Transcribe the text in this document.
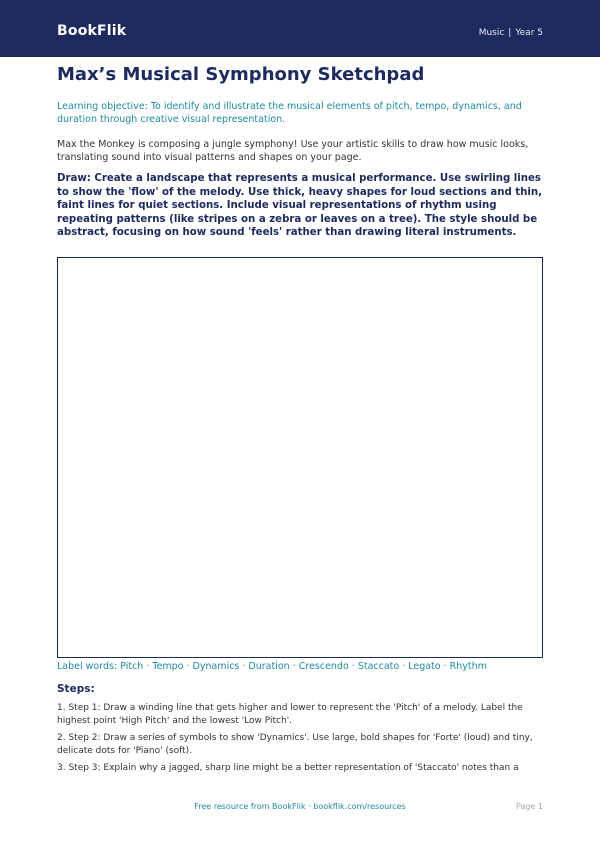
BookFlik	Music | Year 5
Max’s Musical Symphony Sketchpad

Learning objective: To identify and illustrate the musical elements of pitch, tempo, dynamics, and duration through creative visual representation.

Max the Monkey is composing a jungle symphony! Use your artistic skills to draw how music looks, translating sound into visual patterns and shapes on your page.

Draw: Create a landscape that represents a musical performance. Use swirling lines to show the 'flow' of the melody. Use thick, heavy shapes for loud sections and thin, faint lines for quiet sections. Include visual representations of rhythm using repeating patterns (like stripes on a zebra or leaves on a tree). The style should be abstract, focusing on how sound 'feels' rather than drawing literal instruments.

Label words: Pitch · Tempo · Dynamics · Duration · Crescendo · Staccato · Legato · Rhythm
Steps:
1. Step 1: Draw a winding line that gets higher and lower to represent the 'Pitch' of a melody. Label the highest point 'High Pitch' and the lowest 'Low Pitch'.
2. Step 2: Draw a series of symbols to show 'Dynamics'. Use large, bold shapes for 'Forte' (loud) and tiny, delicate dots for 'Piano' (soft).
3. Step 3: Explain why a jagged, sharp line might be a better representation of 'Staccato' notes than a
Free resource from BookFlik · bookflik.com/resources	Page 1
